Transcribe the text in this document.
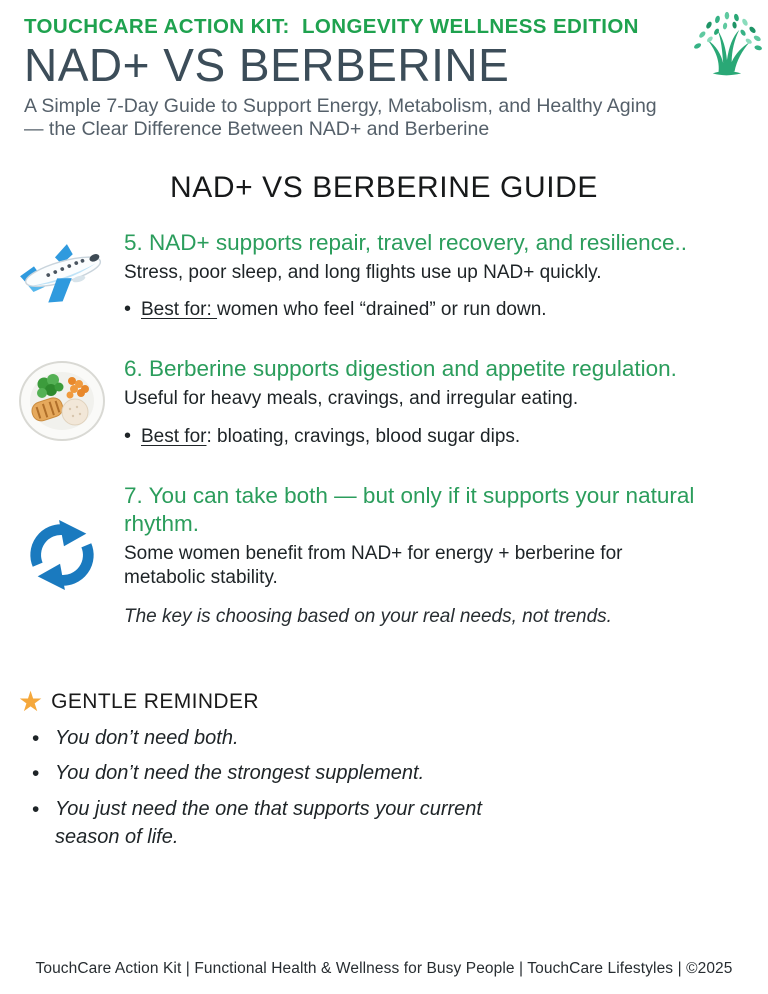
TOUCHCARE ACTION KIT:  LONGEVITY WELLNESS EDITION
NAD+ VS BERBERINE
A Simple 7-Day Guide to Support Energy, Metabolism, and Healthy Aging — the Clear Difference Between NAD+ and Berberine
NAD+ VS BERBERINE GUIDE
5. NAD+ supports repair, travel recovery, and resilience..
Stress, poor sleep, and long flights use up NAD+ quickly.
• Best for: women who feel “drained” or run down.
6. Berberine supports digestion and appetite regulation.
Useful for heavy meals, cravings, and irregular eating.
• Best for: bloating, cravings, blood sugar dips.
7. You can take both — but only if it supports your natural rhythm.
Some women benefit from NAD+ for energy + berberine for metabolic stability.
The key is choosing based on your real needs, not trends.
★ GENTLE REMINDER
• You don’t need both.
• You don’t need the strongest supplement.
• You just need the one that supports your current season of life.
TouchCare Action Kit | Functional Health & Wellness for Busy People | TouchCare Lifestyles | ©2025
